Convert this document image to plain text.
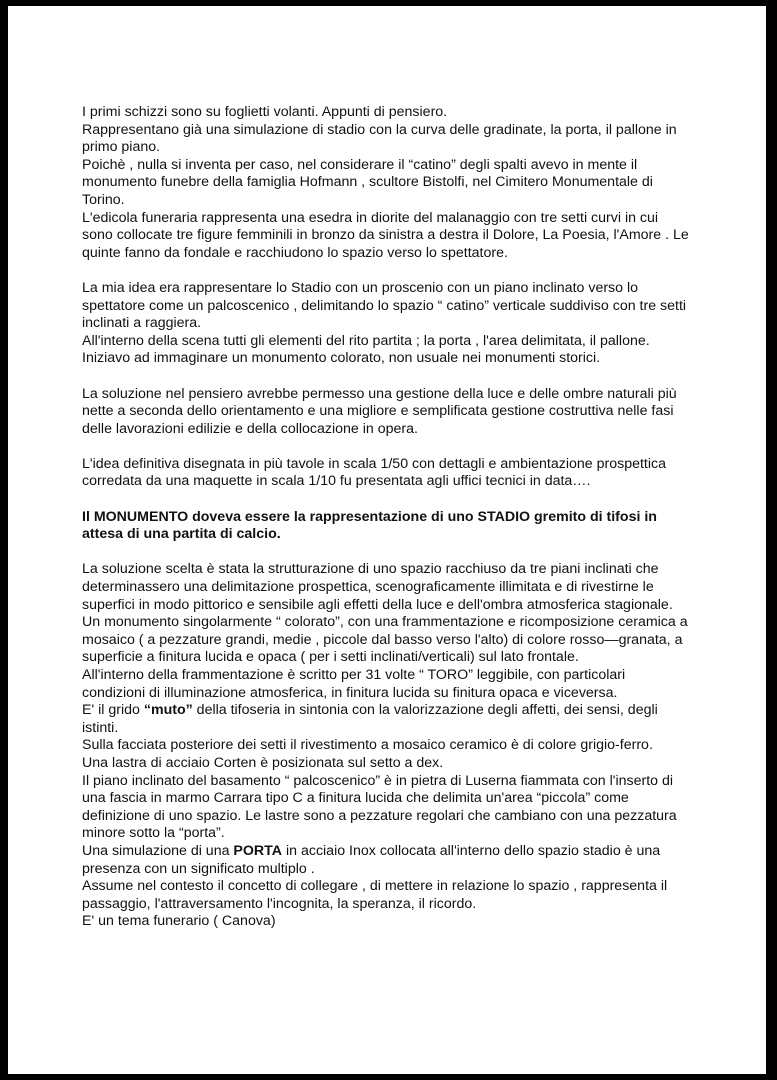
I primi schizzi sono su foglietti volanti. Appunti di pensiero.

Rappresentano già una simulazione di stadio con la curva delle gradinate, la porta, il pallone in primo piano.

Poichè , nulla si inventa per caso, nel considerare il “catino” degli spalti avevo in mente il monumento funebre della famiglia Hofmann , scultore Bistolfi, nel Cimitero Monumentale di Torino.

L'edicola funeraria rappresenta una esedra in diorite del malanaggio con tre setti curvi in cui sono collocate tre figure femminili in bronzo da sinistra a destra il Dolore, La Poesia, l'Amore . Le quinte fanno da fondale e racchiudono lo spazio verso lo spettatore.

La mia idea era rappresentare lo Stadio con un proscenio con un piano inclinato verso lo spettatore come un palcoscenico , delimitando lo spazio “ catino” verticale suddiviso con tre setti inclinati a raggiera.

All'interno della scena tutti gli elementi del rito partita ; la porta , l'area delimitata, il pallone.

Iniziavo ad immaginare un monumento colorato, non usuale nei monumenti storici.

La soluzione nel pensiero avrebbe permesso una gestione della luce e delle ombre naturali più nette a seconda dello orientamento e una migliore e semplificata gestione costruttiva nelle fasi delle lavorazioni edilizie e della collocazione in opera.

L'idea definitiva disegnata in più tavole in scala 1/50 con dettagli e ambientazione prospettica corredata da una maquette in scala 1/10 fu presentata agli uffici tecnici in data….

Il MONUMENTO doveva essere la rappresentazione di uno STADIO gremito di tifosi in attesa di una partita di calcio.

La soluzione scelta è stata la strutturazione di uno spazio racchiuso da tre piani inclinati che determinassero una delimitazione prospettica, scenograficamente illimitata e di rivestirne le superfici in modo pittorico e sensibile agli effetti della luce e dell'ombra atmosferica stagionale.

Un monumento singolarmente “ colorato”, con una frammentazione e ricomposizione ceramica a mosaico ( a pezzature grandi, medie , piccole dal basso verso l'alto) di colore rosso—granata, a superficie a finitura lucida e opaca ( per i setti inclinati/verticali) sul lato frontale.

All'interno della frammentazione è scritto per 31 volte “ TORO” leggibile, con particolari condizioni di illuminazione atmosferica, in finitura lucida su finitura opaca e viceversa.

E' il grido “muto” della tifoseria in sintonia con la valorizzazione degli affetti, dei sensi, degli istinti.

Sulla facciata posteriore dei setti il rivestimento a mosaico ceramico è di colore grigio-ferro.

Una lastra di acciaio Corten è posizionata sul setto a dex.

Il piano inclinato del basamento “ palcoscenico” è in pietra di Luserna fiammata con l'inserto di una fascia in marmo Carrara tipo C a finitura lucida che delimita un'area “piccola” come definizione di uno spazio. Le lastre sono a pezzature regolari che cambiano con una pezzatura minore sotto la “porta”.

Una simulazione di una PORTA in acciaio Inox collocata all'interno dello spazio stadio è una presenza con un significato multiplo .

Assume nel contesto il concetto di collegare , di mettere in relazione lo spazio , rappresenta il passaggio, l'attraversamento l'incognita, la speranza, il ricordo.

E' un tema funerario ( Canova)
